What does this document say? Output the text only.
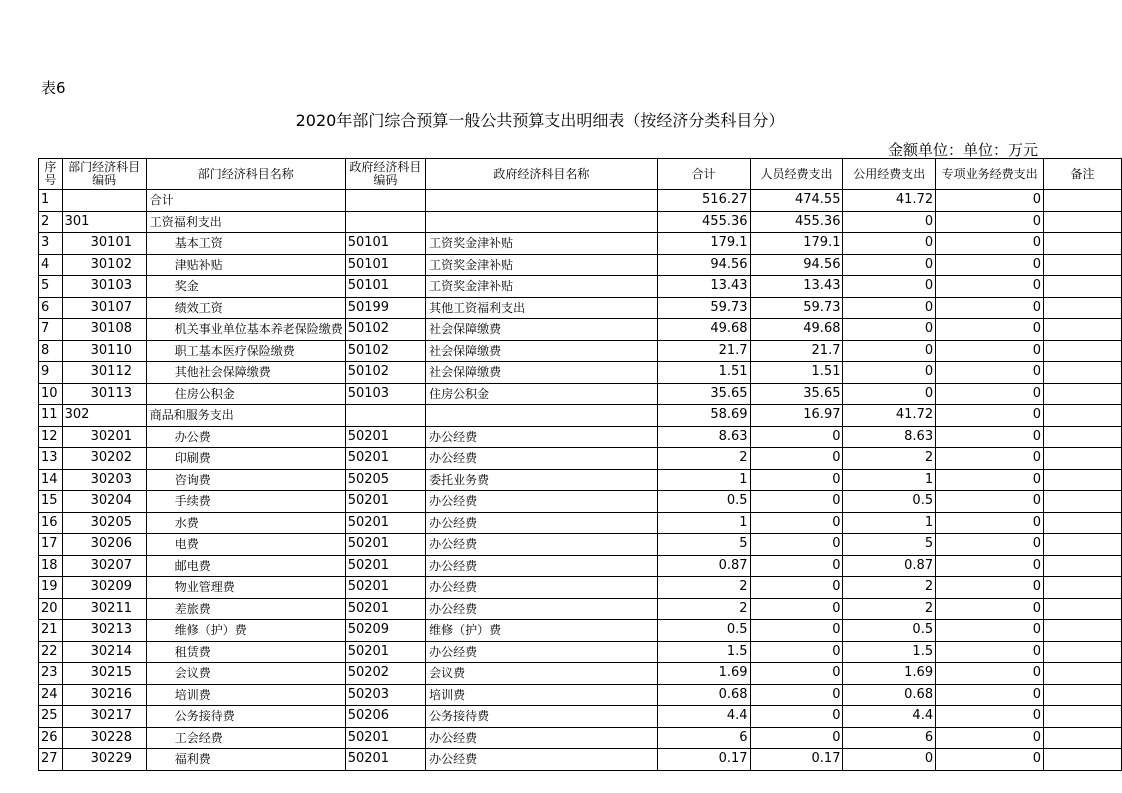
表6
2020年部门综合预算一般公共预算支出明细表（按经济分类科目分）
金额单位：单位：万元
序号	部门经济科目编码	部门经济科目名称	政府经济科目编码	政府经济科目名称	合计	人员经费支出	公用经费支出	专项业务经费支出	备注
1		合计			516.27	474.55	41.72	0	
2	301	工资福利支出			455.36	455.36	0	0	
3	30101	基本工资	50101	工资奖金津补贴	179.1	179.1	0	0	
4	30102	津贴补贴	50101	工资奖金津补贴	94.56	94.56	0	0	
5	30103	奖金	50101	工资奖金津补贴	13.43	13.43	0	0	
6	30107	绩效工资	50199	其他工资福利支出	59.73	59.73	0	0	
7	30108	机关事业单位基本养老保险缴费	50102	社会保障缴费	49.68	49.68	0	0	
8	30110	职工基本医疗保险缴费	50102	社会保障缴费	21.7	21.7	0	0	
9	30112	其他社会保障缴费	50102	社会保障缴费	1.51	1.51	0	0	
10	30113	住房公积金	50103	住房公积金	35.65	35.65	0	0	
11	302	商品和服务支出			58.69	16.97	41.72	0	
12	30201	办公费	50201	办公经费	8.63	0	8.63	0	
13	30202	印刷费	50201	办公经费	2	0	2	0	
14	30203	咨询费	50205	委托业务费	1	0	1	0	
15	30204	手续费	50201	办公经费	0.5	0	0.5	0	
16	30205	水费	50201	办公经费	1	0	1	0	
17	30206	电费	50201	办公经费	5	0	5	0	
18	30207	邮电费	50201	办公经费	0.87	0	0.87	0	
19	30209	物业管理费	50201	办公经费	2	0	2	0	
20	30211	差旅费	50201	办公经费	2	0	2	0	
21	30213	维修（护）费	50209	维修（护）费	0.5	0	0.5	0	
22	30214	租赁费	50201	办公经费	1.5	0	1.5	0	
23	30215	会议费	50202	会议费	1.69	0	1.69	0	
24	30216	培训费	50203	培训费	0.68	0	0.68	0	
25	30217	公务接待费	50206	公务接待费	4.4	0	4.4	0	
26	30228	工会经费	50201	办公经费	6	0	6	0	
27	30229	福利费	50201	办公经费	0.17	0.17	0	0	
